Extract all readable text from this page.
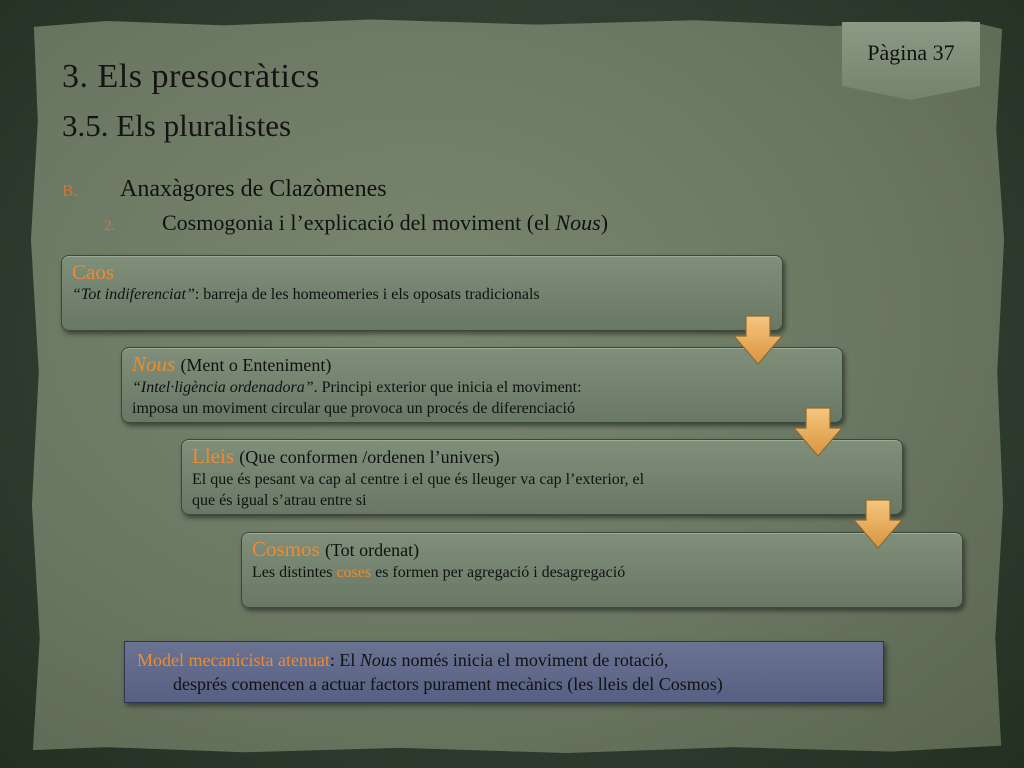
Pàgina 37
3. Els presocràtics
3.5. Els pluralistes
B. Anaxàgores de Clazòmenes
2. Cosmogonia i l’explicació del moviment (el Nous)
Caos
“Tot indiferenciat”: barreja de les homeomeries i els oposats tradicionals
Nous (Ment o Enteniment)
“Intel·ligència ordenadora”. Principi exterior que inicia el moviment:
imposa un moviment circular que provoca un procés de diferenciació
Lleis (Que conformen /ordenen l’univers)
El que és pesant va cap al centre i el que és lleuger va cap l’exterior, el
que és igual s’atrau entre si
Cosmos (Tot ordenat)
Les distintes coses es formen per agregació i desagregació
Model mecanicista atenuat: El Nous només inicia el moviment de rotació,
després comencen a actuar factors purament mecànics (les lleis del Cosmos)
